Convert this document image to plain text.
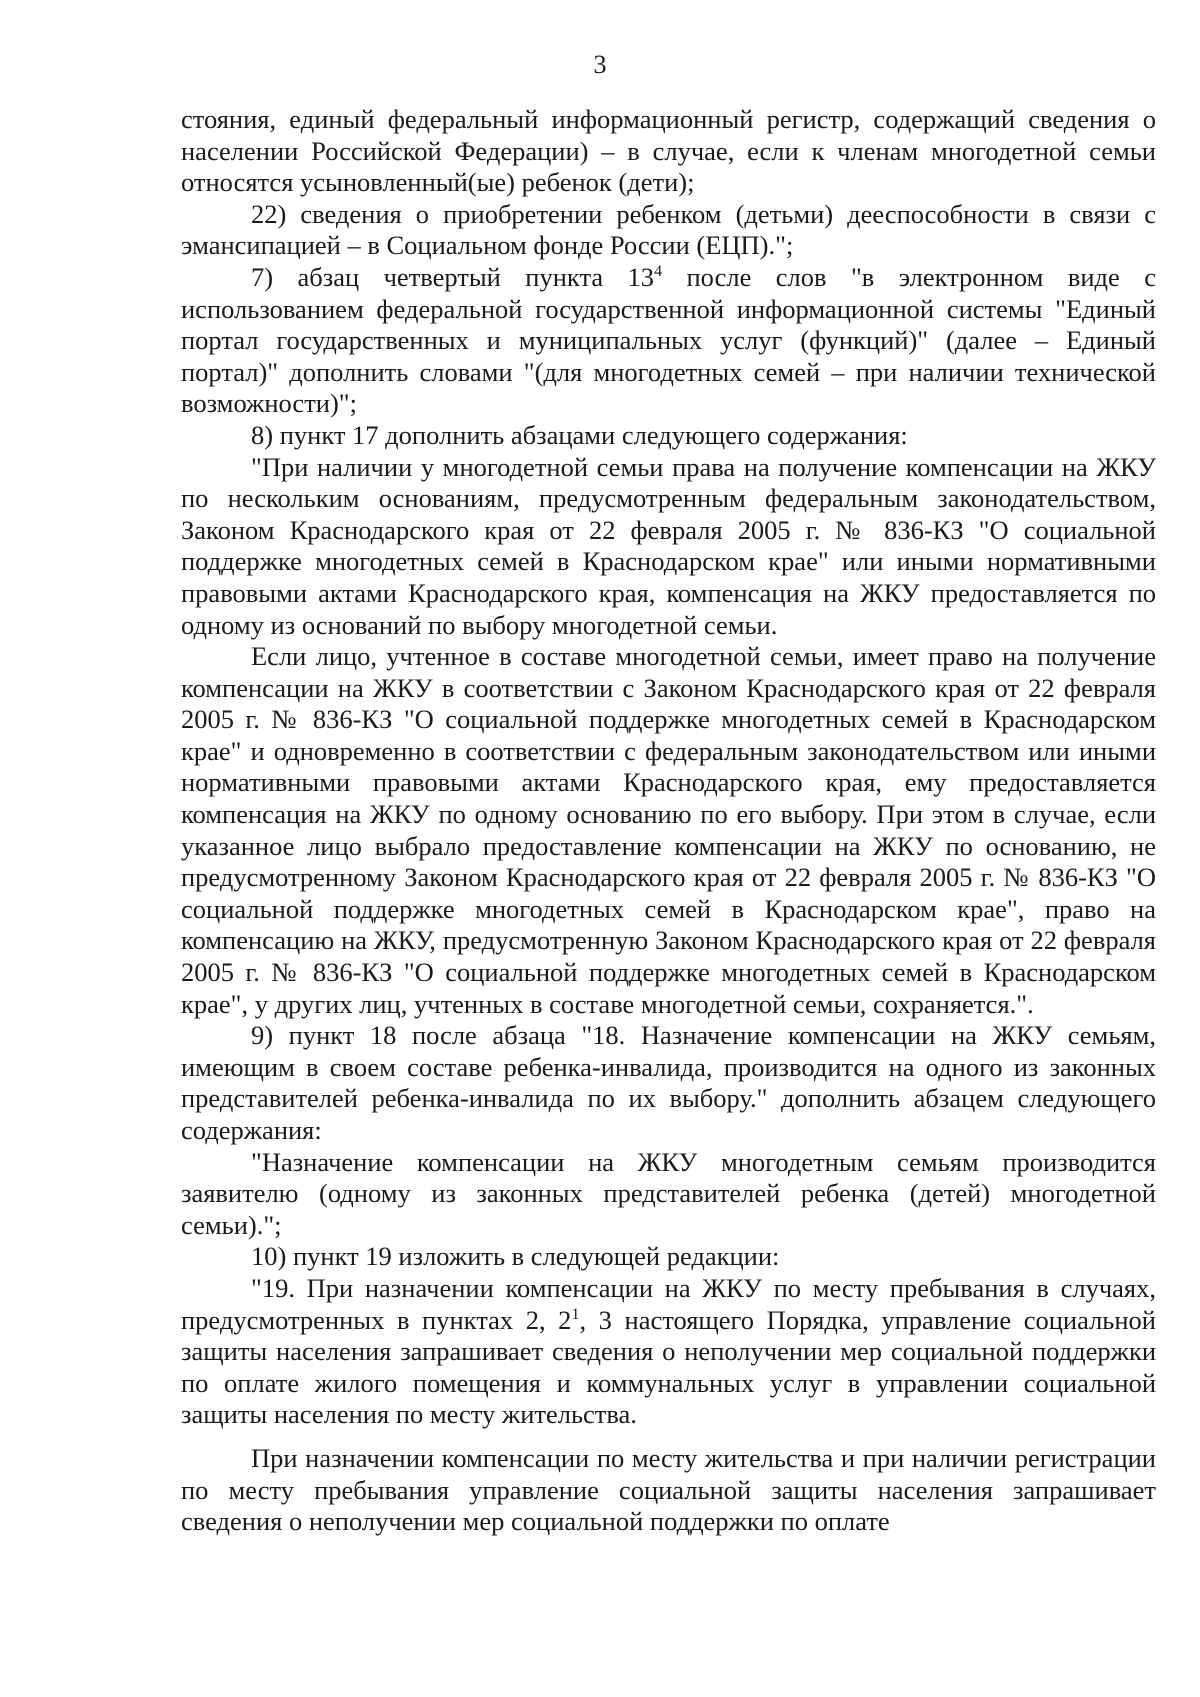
3

стояния, единый федеральный информационный регистр, содержащий сведения о населении Российской Федерации) – в случае, если к членам многодетной семьи относятся усыновленный(ые) ребенок (дети);

22) сведения о приобретении ребенком (детьми) дееспособности в связи с эмансипацией – в Социальном фонде России (ЕЦП).";

7) абзац четвертый пункта $13^4$ после слов "в электронном виде с использованием федеральной государственной информационной системы "Единый портал государственных и муниципальных услуг (функций)" (далее – Единый портал)" дополнить словами "(для многодетных семей – при наличии технической возможности)";

8) пункт 17 дополнить абзацами следующего содержания:

"При наличии у многодетной семьи права на получение компенсации на ЖКУ по нескольким основаниям, предусмотренным федеральным законодательством, Законом Краснодарского края от 22 февраля 2005 г. № 836-КЗ "О социальной поддержке многодетных семей в Краснодарском крае" или иными нормативными правовыми актами Краснодарского края, компенсация на ЖКУ предоставляется по одному из оснований по выбору многодетной семьи.

Если лицо, учтенное в составе многодетной семьи, имеет право на получение компенсации на ЖКУ в соответствии с Законом Краснодарского края от 22 февраля 2005 г. № 836-КЗ "О социальной поддержке многодетных семей в Краснодарском крае" и одновременно в соответствии с федеральным законодательством или иными нормативными правовыми актами Краснодарского края, ему предоставляется компенсация на ЖКУ по одному основанию по его выбору. При этом в случае, если указанное лицо выбрало предоставление компенсации на ЖКУ по основанию, не предусмотренному Законом Краснодарского края от 22 февраля 2005 г. № 836-КЗ "О социальной поддержке многодетных семей в Краснодарском крае", право на компенсацию на ЖКУ, предусмотренную Законом Краснодарского края от 22 февраля 2005 г. № 836-КЗ "О социальной поддержке многодетных семей в Краснодарском крае", у других лиц, учтенных в составе многодетной семьи, сохраняется.".

9) пункт 18 после абзаца "18. Назначение компенсации на ЖКУ семьям, имеющим в своем составе ребенка-инвалида, производится на одного из законных представителей ребенка-инвалида по их выбору." дополнить абзацем следующего содержания:

"Назначение компенсации на ЖКУ многодетным семьям производится заявителю (одному из законных представителей ребенка (детей) многодетной семьи).";

10) пункт 19 изложить в следующей редакции:

"19. При назначении компенсации на ЖКУ по месту пребывания в случаях, предусмотренных в пунктах 2, $2^1$, 3 настоящего Порядка, управление социальной защиты населения запрашивает сведения о неполучении мер социальной поддержки по оплате жилого помещения и коммунальных услуг в управлении социальной защиты населения по месту жительства.

При назначении компенсации по месту жительства и при наличии регистрации по месту пребывания управление социальной защиты населения запрашивает сведения о неполучении мер социальной поддержки по оплате
